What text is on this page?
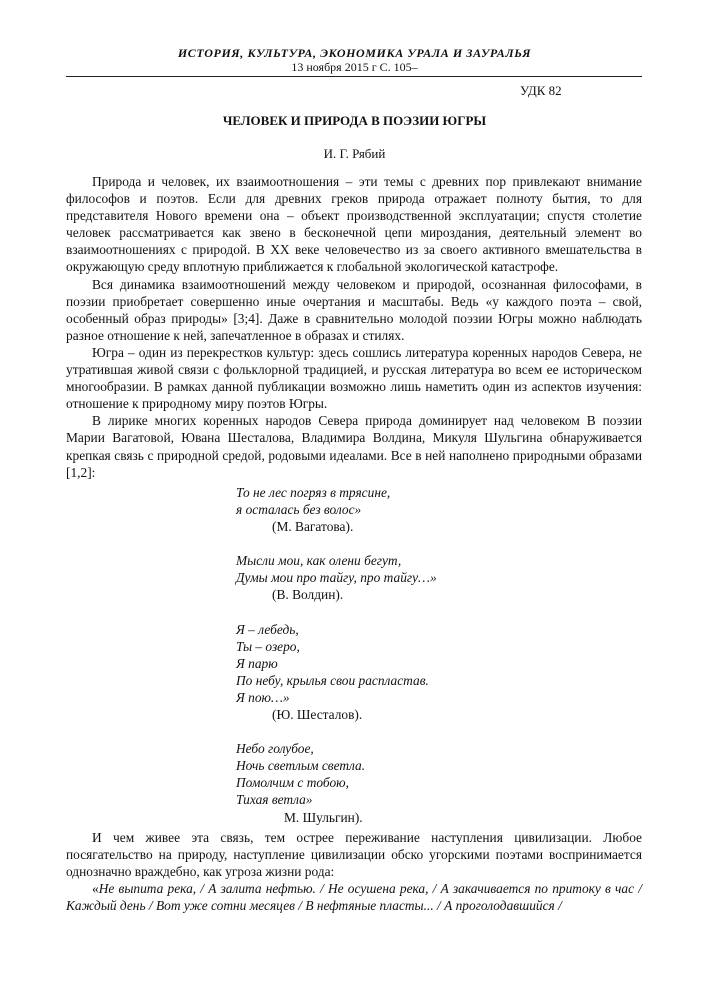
ИСТОРИЯ, КУЛЬТУРА, ЭКОНОМИКА УРАЛА И ЗАУРАЛЬЯ
13 ноября 2015 г С. 105–
УДК 82
ЧЕЛОВЕК И ПРИРОДА В ПОЭЗИИ ЮГРЫ
И. Г. Рябий

Природа и человек, их взаимоотношения – эти темы с древних пор привлекают внимание философов и поэтов. Если для древних греков природа отражает полноту бытия, то для представителя Нового времени она – объект производственной эксплуатации; спустя столетие человек рассматривается как звено в бесконечной цепи мироздания, деятельный элемент во взаимоотношениях с природой. В XX веке человечество из за своего активного вмешательства в окружающую среду вплотную приближается к глобальной экологической катастрофе.

Вся динамика взаимоотношений между человеком и природой, осознанная философами, в поэзии приобретает совершенно иные очертания и масштабы. Ведь «у каждого поэта – свой, особенный образ природы» [3;4]. Даже в сравнительно молодой поэзии Югры можно наблюдать разное отношение к ней, запечатленное в образах и стилях.

Югра – один из перекрестков культур: здесь сошлись литература коренных народов Севера, не утратившая живой связи с фольклорной традицией, и русская литература во всем ее историческом многообразии. В рамках данной публикации возможно лишь наметить один из аспектов изучения: отношение к природному миру поэтов Югры.

В лирике многих коренных народов Севера природа доминирует над человеком В поэзии Марии Вагатовой, Ювана Шесталова, Владимира Волдина, Микуля Шульгина обнаруживается крепкая связь с природной средой, родовыми идеалами. Все в ней наполнено природными образами [1,2]:

То не лес погряз в трясине,
я осталась без волос»
(М. Вагатова).
Мысли мои, как олени бегут,
Думы мои про тайгу, про тайгу…»
(В. Волдин).
Я – лебедь,
Ты – озеро,
Я парю
По небу, крылья свои распластав.
Я пою…»
(Ю. Шесталов).
Небо голубое,
Ночь светлым светла.
Помолчим с тобою,
Тихая ветла»
М. Шульгин).

И чем живее эта связь, тем острее переживание наступления цивилизации. Любое посягательство на природу, наступление цивилизации обско угорскими поэтами воспринимается однозначно враждебно, как угроза жизни рода:

«Не выпита река, / А залита нефтью. / Не осушена река, / А закачивается по притоку в час / Каждый день / Вот уже сотни месяцев / В нефтяные пласты... / А проголодавшийся /
